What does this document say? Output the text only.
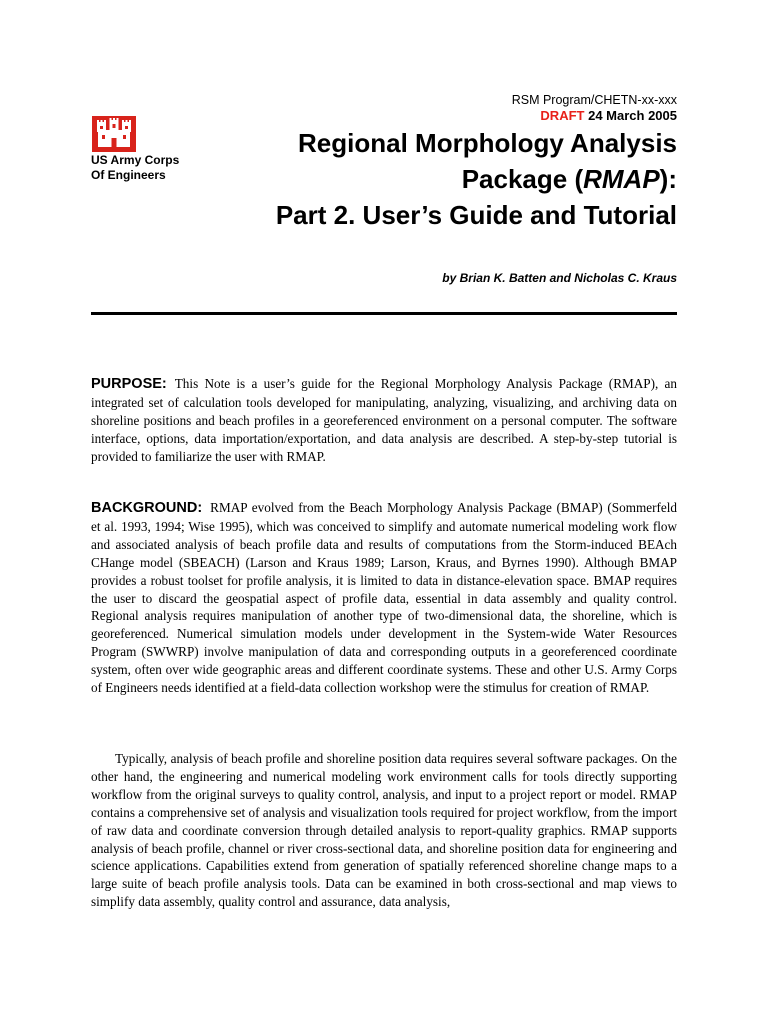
RSM Program/CHETN-xx-xxx
DRAFT 24 March 2005
US Army Corps
Of Engineers
Regional Morphology Analysis
Package (RMAP):
Part 2. User’s Guide and Tutorial
by Brian K. Batten and Nicholas C. Kraus
PURPOSE: This Note is a user’s guide for the Regional Morphology Analysis Package (RMAP), an integrated set of calculation tools developed for manipulating, analyzing, visualizing, and archiving data on shoreline positions and beach profiles in a georeferenced environment on a personal computer. The software interface, options, data importation/exportation, and data analysis are described. A step-by-step tutorial is provided to familiarize the user with RMAP.
BACKGROUND: RMAP evolved from the Beach Morphology Analysis Package (BMAP) (Sommerfeld et al. 1993, 1994; Wise 1995), which was conceived to simplify and automate numerical modeling work flow and associated analysis of beach profile data and results of computations from the Storm-induced BEAch CHange model (SBEACH) (Larson and Kraus 1989; Larson, Kraus, and Byrnes 1990). Although BMAP provides a robust toolset for profile analysis, it is limited to data in distance-elevation space. BMAP requires the user to discard the geospatial aspect of profile data, essential in data assembly and quality control. Regional analysis requires manipulation of another type of two-dimensional data, the shoreline, which is georeferenced. Numerical simulation models under development in the System-wide Water Resources Program (SWWRP) involve manipulation of data and corresponding outputs in a georeferenced coordinate system, often over wide geographic areas and different coordinate systems. These and other U.S. Army Corps of Engineers needs identified at a field-data collection workshop were the stimulus for creation of RMAP.
Typically, analysis of beach profile and shoreline position data requires several software packages. On the other hand, the engineering and numerical modeling work environment calls for tools directly supporting workflow from the original surveys to quality control, analysis, and input to a project report or model. RMAP contains a comprehensive set of analysis and visualization tools required for project workflow, from the import of raw data and coordinate conversion through detailed analysis to report-quality graphics. RMAP supports analysis of beach profile, channel or river cross-sectional data, and shoreline position data for engineering and science applications. Capabilities extend from generation of spatially referenced shoreline change maps to a large suite of beach profile analysis tools. Data can be examined in both cross-sectional and map views to simplify data assembly, quality control and assurance, data analysis,
